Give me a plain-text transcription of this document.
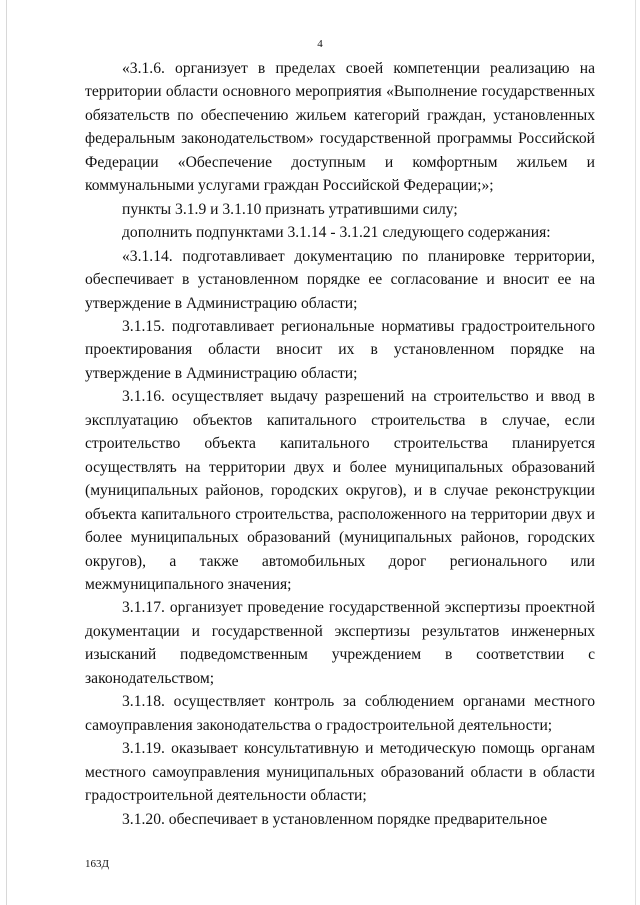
4

«3.1.6. организует в пределах своей компетенции реализацию на территории области основного мероприятия «Выполнение государственных обязательств по обеспечению жильем категорий граждан, установленных федеральным законодательством» государственной программы Российской Федерации «Обеспечение доступным и комфортным жильем и коммунальными услугами граждан Российской Федерации;»;

пункты 3.1.9 и 3.1.10 признать утратившими силу;

дополнить подпунктами 3.1.14 - 3.1.21 следующего содержания:

«3.1.14. подготавливает документацию по планировке территории, обеспечивает в установленном порядке ее согласование и вносит ее на утверждение в Администрацию области;

3.1.15. подготавливает региональные нормативы градостроительного проектирования области вносит их в установленном порядке на утверждение в Администрацию области;

3.1.16. осуществляет выдачу разрешений на строительство и ввод в эксплуатацию объектов капитального строительства в случае, если строительство объекта капитального строительства планируется осуществлять на территории двух и более муниципальных образований (муниципальных районов, городских округов), и в случае реконструкции объекта капитального строительства, расположенного на территории двух и более муниципальных образований (муниципальных районов, городских округов), а также автомобильных дорог регионального или межмуниципального значения;

3.1.17. организует проведение государственной экспертизы проектной документации и государственной экспертизы результатов инженерных изысканий подведомственным учреждением в соответствии с законодательством;

3.1.18. осуществляет контроль за соблюдением органами местного самоуправления законодательства о градостроительной деятельности;

3.1.19. оказывает консультативную и методическую помощь органам местного самоуправления муниципальных образований области в области градостроительной деятельности области;

3.1.20. обеспечивает в установленном порядке предварительное

163Д
